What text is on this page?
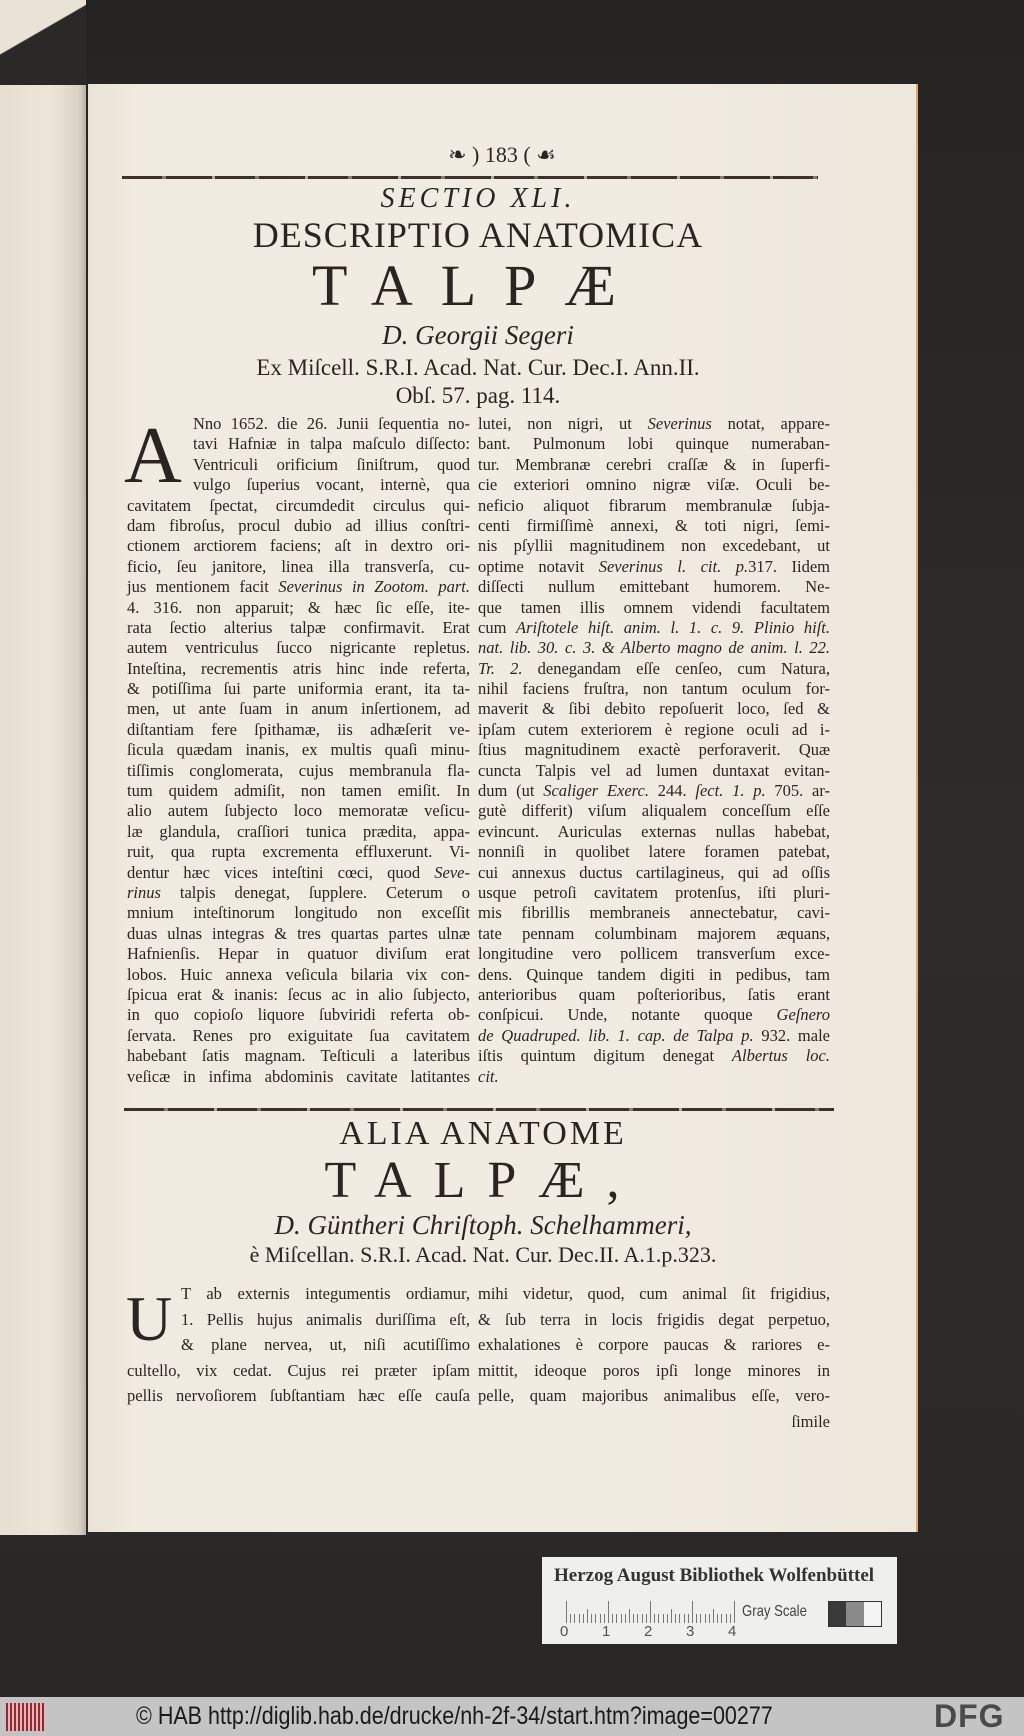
❧ ) 183 ( ☙
SECTIO XLI.
DESCRIPTIO ANATOMICA
TALPÆ
D. Georgii Segeri
Ex Miſcell. S.R.I. Acad. Nat. Cur. Dec.I. Ann.II.
Obſ. 57. pag. 114.
A Nno 1652. die 26. Junii ſequentia no-
tavi Hafniæ in talpa maſculo diſſecto:
Ventriculi orificium ſiniſtrum, quod
vulgo ſuperius vocant, internè, qua
cavitatem ſpectat, circumdedit circulus qui-
dam fibroſus, procul dubio ad illius conſtri-
ctionem arctiorem faciens; aſt in dextro ori-
ficio, ſeu janitore, linea illa transverſa, cu-
jus mentionem facit Severinus in Zootom. part.
4. 316. non apparuit; & hæc ſic eſſe, ite-
rata ſectio alterius talpæ confirmavit. Erat
autem ventriculus ſucco nigricante repletus.
Inteſtina, recrementis atris hinc inde referta,
& potiſſima ſui parte uniformia erant, ita ta-
men, ut ante ſuam in anum inſertionem, ad
diſtantiam fere ſpithamæ, iis adhæſerit ve-
ſicula quædam inanis, ex multis quaſi minu-
tiſſimis conglomerata, cujus membranula fla-
tum quidem admiſit, non tamen emiſit. In
alio autem ſubjecto loco memoratæ veſicu-
læ glandula, craſſiori tunica prædita, appa-
ruit, qua rupta excrementa effluxerunt. Vi-
dentur hæc vices inteſtini cœci, quod Seve-
rinus talpis denegat, ſupplere. Ceterum o
mnium inteſtinorum longitudo non exceſſit
duas ulnas integras & tres quartas partes ulnæ
Hafnienſis. Hepar in quatuor diviſum erat
lobos. Huic annexa veſicula bilaria vix con-
ſpicua erat & inanis: ſecus ac in alio ſubjecto,
in quo copioſo liquore ſubviridi referta ob-
ſervata. Renes pro exiguitate ſua cavitatem
habebant ſatis magnam. Teſticuli a lateribus
veſicæ in infima abdominis cavitate latitantes
lutei, non nigri, ut Severinus notat, appare-
bant. Pulmonum lobi quinque numeraban-
tur. Membranæ cerebri craſſæ & in ſuperfi-
cie exteriori omnino nigræ viſæ. Oculi be-
neficio aliquot fibrarum membranulæ ſubja-
centi firmiſſimè annexi, & toti nigri, ſemi-
nis pſyllii magnitudinem non excedebant, ut
optime notavit Severinus l. cit. p.317. Iidem
diſſecti nullum emittebant humorem. Ne-
que tamen illis omnem videndi facultatem
cum Ariſtotele hiſt. anim. l. 1. c. 9. Plinio hiſt.
nat. lib. 30. c. 3. & Alberto magno de anim. l. 22.
Tr. 2. denegandam eſſe cenſeo, cum Natura,
nihil faciens fruſtra, non tantum oculum for-
maverit & ſibi debito repoſuerit loco, ſed &
ipſam cutem exteriorem è regione oculi ad i-
ſtius magnitudinem exactè perforaverit. Quæ
cuncta Talpis vel ad lumen duntaxat evitan-
dum (ut Scaliger Exerc. 244. ſect. 1. p. 705. ar-
gutè differit) viſum aliqualem conceſſum eſſe
evincunt. Auriculas externas nullas habebat,
nonniſi in quolibet latere foramen patebat,
cui annexus ductus cartilagineus, qui ad oſſis
usque petroſi cavitatem protenſus, iſti pluri-
mis fibrillis membraneis annectebatur, cavi-
tate pennam columbinam majorem æquans,
longitudine vero pollicem transverſum exce-
dens. Quinque tandem digiti in pedibus, tam
anterioribus quam poſterioribus, ſatis erant
conſpicui. Unde, notante quoque Geſnero
de Quadruped. lib. 1. cap. de Talpa p. 932. male
iſtis quintum digitum denegat Albertus loc.
cit.
ALIA ANATOME
TALPÆ,
D. Güntheri Chriſtoph. Schelhammeri,
è Miſcellan. S.R.I. Acad. Nat. Cur. Dec.II. A.1.p.323.
U T ab externis integumentis ordiamur,
1. Pellis hujus animalis duriſſima eſt,
& plane nervea, ut, niſi acutiſſimo
cultello, vix cedat. Cujus rei præter ipſam
pellis nervoſiorem ſubſtantiam hæc eſſe cauſa
mihi videtur, quod, cum animal ſit frigidius,
& ſub terra in locis frigidis degat perpetuo,
exhalationes è corpore paucas & rariores e-
mittit, ideoque poros ipſi longe minores in
pelle, quam majoribus animalibus eſſe, vero-
ſimile
Herzog August Bibliothek Wolfenbüttel
0 1 2 3 4
Gray Scale
© HAB http://diglib.hab.de/drucke/nh-2f-34/start.htm?image=00277	DFG
